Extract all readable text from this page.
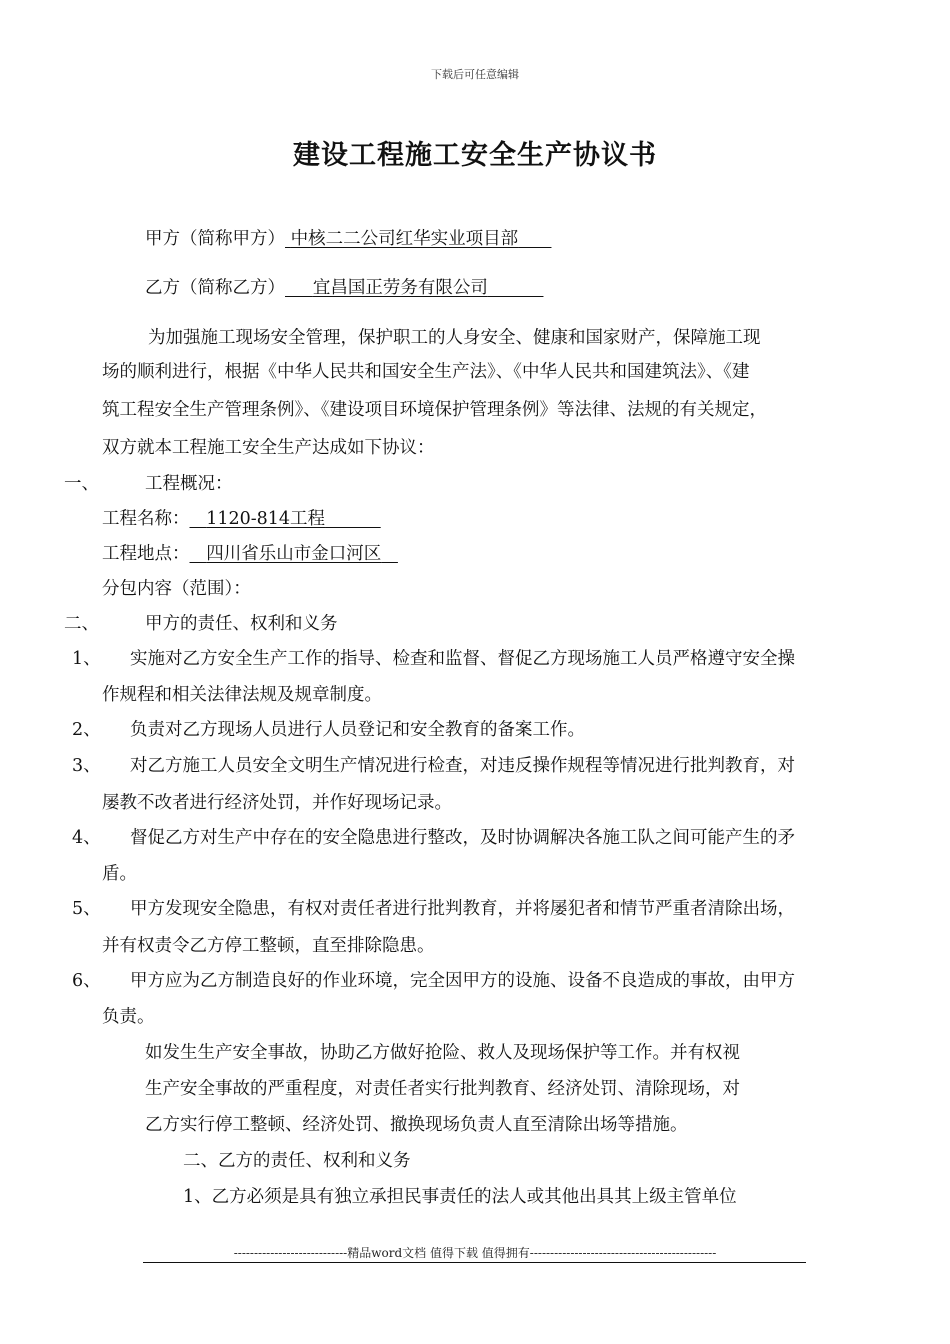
下载后可任意编辑
建设工程施工安全生产协议书
甲方（简称甲方） 中核二二公司红华实业项目部
乙方（简称乙方） 宜昌国正劳务有限公司
为加强施工现场安全管理，保护职工的人身安全、健康和国家财产，保障施工现
场的顺利进行，根据《中华人民共和国安全生产法》、《中华人民共和国建筑法》、《建
筑工程安全生产管理条例》、《建设项目环境保护管理条例》等法律、法规的有关规定，
双方就本工程施工安全生产达成如下协议：
一、	工程概况：
工程名称： 1120-814工程
工程地点： 四川省乐山市金口河区
分包内容（范围）：
二、	甲方的责任、权利和义务
1、 实施对乙方安全生产工作的指导、检查和监督、督促乙方现场施工人员严格遵守安全操
作规程和相关法律法规及规章制度。
2、 负责对乙方现场人员进行人员登记和安全教育的备案工作。
3、 对乙方施工人员安全文明生产情况进行检查，对违反操作规程等情况进行批判教育，对
屡教不改者进行经济处罚，并作好现场记录。
4、 督促乙方对生产中存在的安全隐患进行整改，及时协调解决各施工队之间可能产生的矛
盾。
5、 甲方发现安全隐患，有权对责任者进行批判教育，并将屡犯者和情节严重者清除出场，
并有权责令乙方停工整顿，直至排除隐患。
6、 甲方应为乙方制造良好的作业环境，完全因甲方的设施、设备不良造成的事故，由甲方
负责。
如发生生产安全事故，协助乙方做好抢险、救人及现场保护等工作。并有权视
生产安全事故的严重程度，对责任者实行批判教育、经济处罚、清除现场，对
乙方实行停工整顿、经济处罚、撤换现场负责人直至清除出场等措施。
二、乙方的责任、权利和义务
1、乙方必须是具有独立承担民事责任的法人或其他出具其上级主管单位
----------------------------精品word文档 值得下载 值得拥有----------------------------------------------
